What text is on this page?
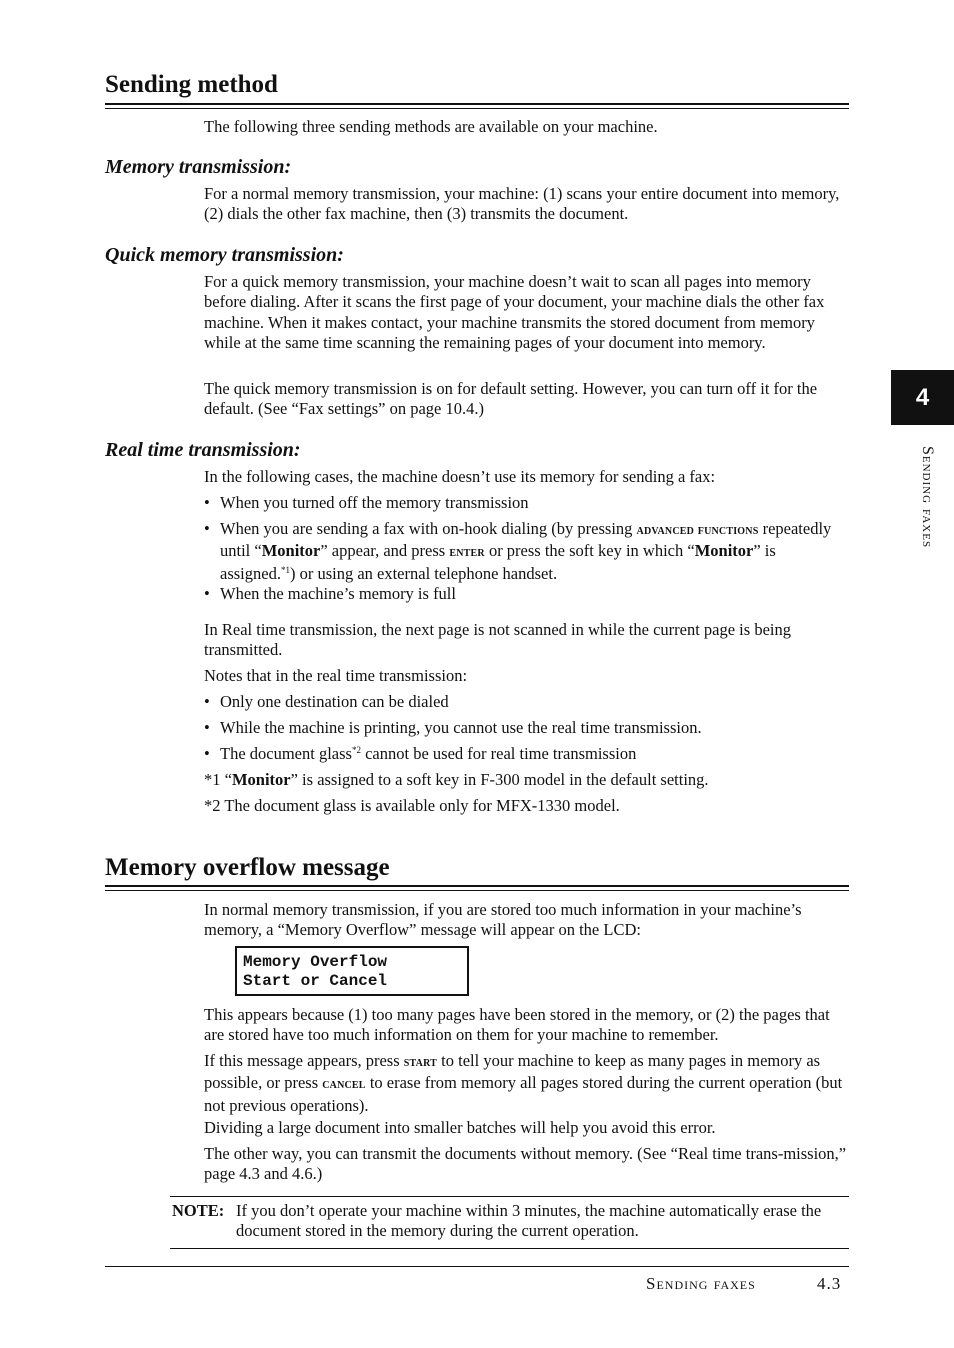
Sending method

The following three sending methods are available on your machine.

Memory transmission:

For a normal memory transmission, your machine: (1) scans your entire document into memory, (2) dials the other fax machine, then (3) transmits the document.

Quick memory transmission:

For a quick memory transmission, your machine doesn’t wait to scan all pages into memory before dialing. After it scans the first page of your document, your machine dials the other fax machine. When it makes contact, your machine transmits the stored document from memory while at the same time scanning the remaining pages of your document into memory.

The quick memory transmission is on for default setting. However, you can turn off it for the default. (See “Fax settings” on page 10.4.)

Real time transmission:

In the following cases, the machine doesn’t use its memory for sending a fax:

• When you turned off the memory transmission
• When you are sending a fax with on-hook dialing (by pressing advanced functions repeatedly until “Monitor” appear, and press enter or press the soft key in which “Monitor” is assigned.$^{*1}$) or using an external telephone handset.
• When the machine’s memory is full

In Real time transmission, the next page is not scanned in while the current page is being transmitted.

Notes that in the real time transmission:

• Only one destination can be dialed
• While the machine is printing, you cannot use the real time transmission.
• The document glass$^{*2}$ cannot be used for real time transmission

*1 “Monitor” is assigned to a soft key in F-300 model in the default setting.

*2 The document glass is available only for MFX-1330 model.

Memory overflow message

In normal memory transmission, if you are stored too much information in your machine’s memory, a “Memory Overflow” message will appear on the LCD:

Memory Overflow
Start or Cancel

This appears because (1) too many pages have been stored in the memory, or (2) the pages that are stored have too much information on them for your machine to remember.

If this message appears, press start to tell your machine to keep as many pages in memory as possible, or press cancel to erase from memory all pages stored during the current operation (but not previous operations).

Dividing a large document into smaller batches will help you avoid this error.

The other way, you can transmit the documents without memory. (See “Real time trans-mission,” page 4.3 and 4.6.)

NOTE: If you don’t operate your machine within 3 minutes, the machine automatically erase the document stored in the memory during the current operation.
4
Sending faxes
Sending faxes	4.3
